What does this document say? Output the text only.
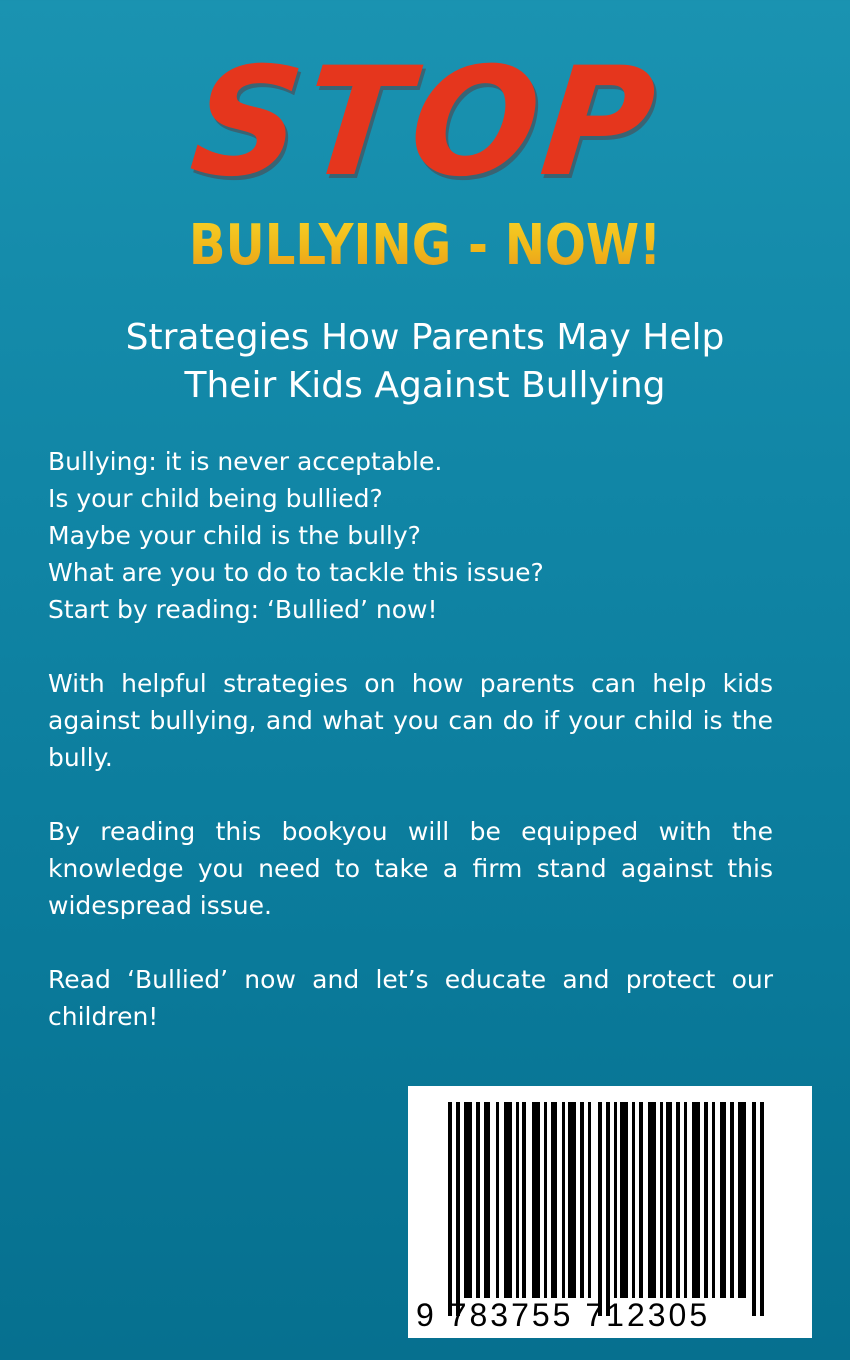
STOP
BULLYING - NOW!
Strategies How Parents May Help
Their Kids Against Bullying
Bullying: it is never acceptable.
Is your child being bullied?
Maybe your child is the bully?
What are you to do to tackle this issue?
Start by reading: ‘Bullied’ now!
With helpful strategies on how parents can help kids against bullying, and what you can do if your child is the bully.
By reading this bookyou will be equipped with the knowledge you need to take a firm stand against this widespread issue.
Read ‘Bullied’ now and let’s educate and protect our children!
9 783755 712305
